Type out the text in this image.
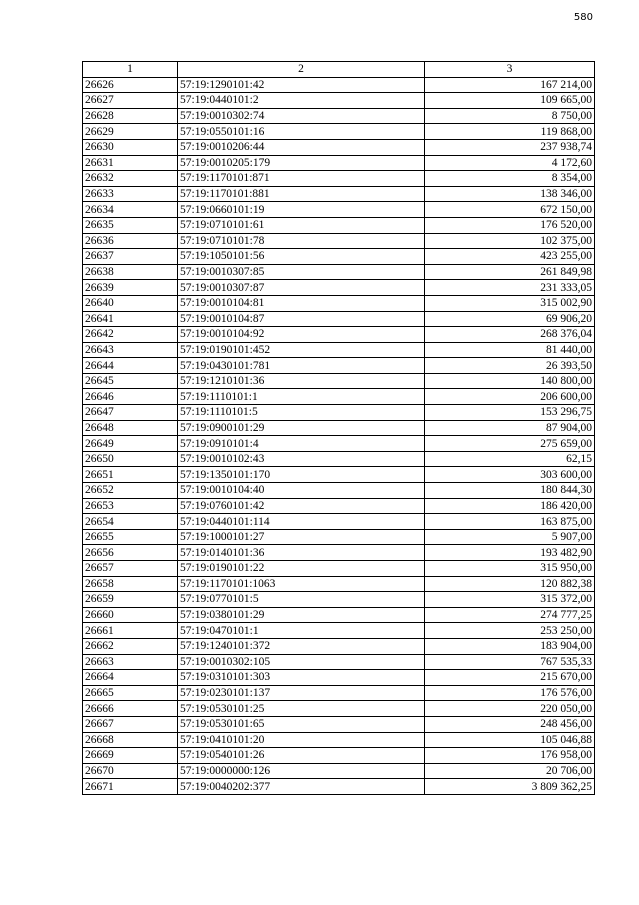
580
1	2	3
26626	57:19:1290101:42	167 214,00
26627	57:19:0440101:2	109 665,00
26628	57:19:0010302:74	8 750,00
26629	57:19:0550101:16	119 868,00
26630	57:19:0010206:44	237 938,74
26631	57:19:0010205:179	4 172,60
26632	57:19:1170101:871	8 354,00
26633	57:19:1170101:881	138 346,00
26634	57:19:0660101:19	672 150,00
26635	57:19:0710101:61	176 520,00
26636	57:19:0710101:78	102 375,00
26637	57:19:1050101:56	423 255,00
26638	57:19:0010307:85	261 849,98
26639	57:19:0010307:87	231 333,05
26640	57:19:0010104:81	315 002,90
26641	57:19:0010104:87	69 906,20
26642	57:19:0010104:92	268 376,04
26643	57:19:0190101:452	81 440,00
26644	57:19:0430101:781	26 393,50
26645	57:19:1210101:36	140 800,00
26646	57:19:1110101:1	206 600,00
26647	57:19:1110101:5	153 296,75
26648	57:19:0900101:29	87 904,00
26649	57:19:0910101:4	275 659,00
26650	57:19:0010102:43	62,15
26651	57:19:1350101:170	303 600,00
26652	57:19:0010104:40	180 844,30
26653	57:19:0760101:42	186 420,00
26654	57:19:0440101:114	163 875,00
26655	57:19:1000101:27	5 907,00
26656	57:19:0140101:36	193 482,90
26657	57:19:0190101:22	315 950,00
26658	57:19:1170101:1063	120 882,38
26659	57:19:0770101:5	315 372,00
26660	57:19:0380101:29	274 777,25
26661	57:19:0470101:1	253 250,00
26662	57:19:1240101:372	183 904,00
26663	57:19:0010302:105	767 535,33
26664	57:19:0310101:303	215 670,00
26665	57:19:0230101:137	176 576,00
26666	57:19:0530101:25	220 050,00
26667	57:19:0530101:65	248 456,00
26668	57:19:0410101:20	105 046,88
26669	57:19:0540101:26	176 958,00
26670	57:19:0000000:126	20 706,00
26671	57:19:0040202:377	3 809 362,25
